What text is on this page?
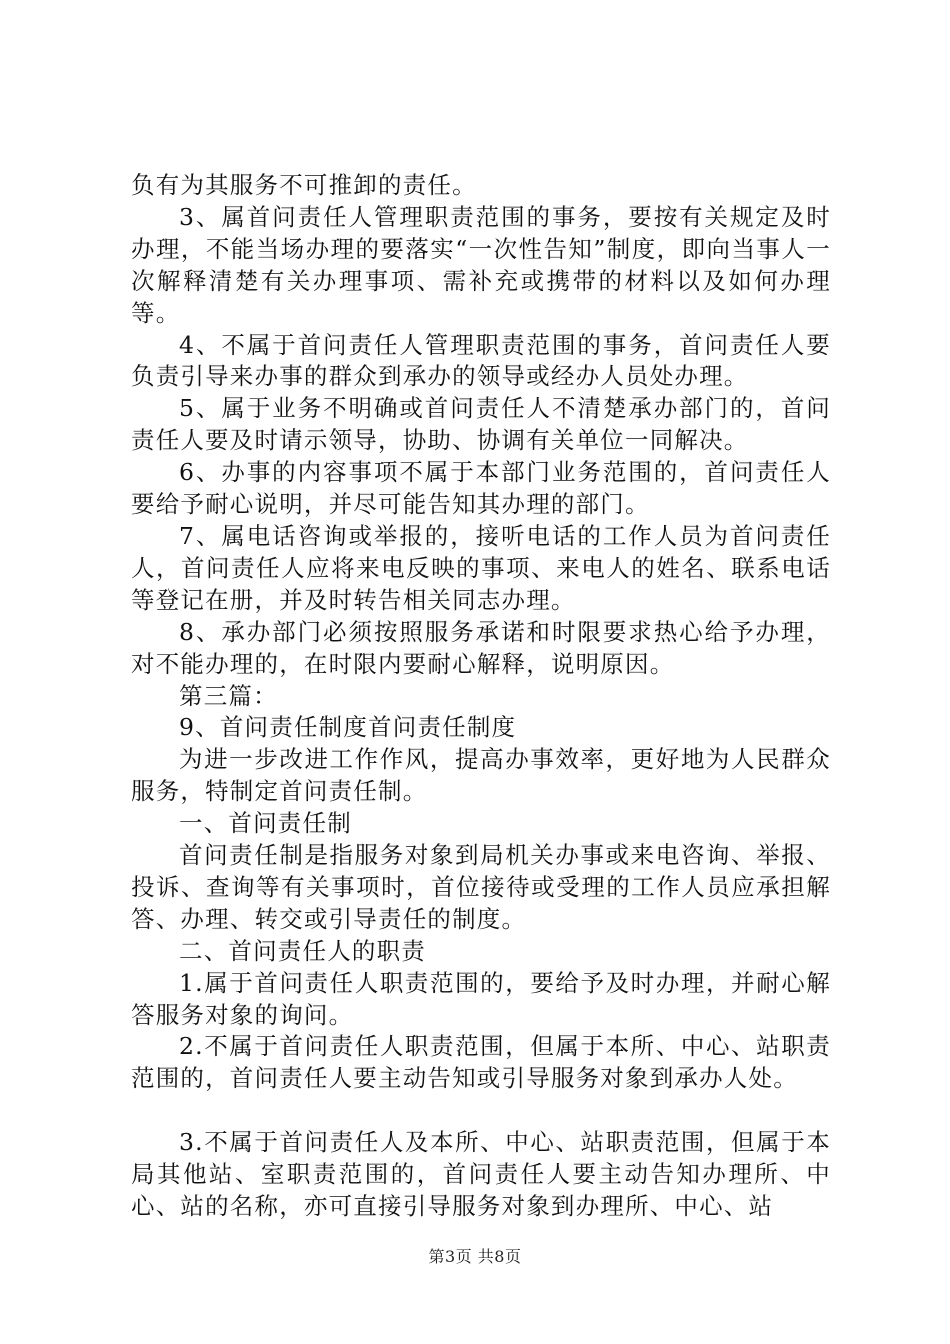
负有为其服务不可推卸的责任。

3、属首问责任人管理职责范围的事务，要按有关规定及时办理，不能当场办理的要落实“一次性告知”制度，即向当事人一次解释清楚有关办理事项、需补充或携带的材料以及如何办理等。

4、不属于首问责任人管理职责范围的事务，首问责任人要负责引导来办事的群众到承办的领导或经办人员处办理。

5、属于业务不明确或首问责任人不清楚承办部门的，首问责任人要及时请示领导，协助、协调有关单位一同解决。

6、办事的内容事项不属于本部门业务范围的，首问责任人要给予耐心说明，并尽可能告知其办理的部门。

7、属电话咨询或举报的，接听电话的工作人员为首问责任人，首问责任人应将来电反映的事项、来电人的姓名、联系电话等登记在册，并及时转告相关同志办理。

8、承办部门必须按照服务承诺和时限要求热心给予办理，对不能办理的，在时限内要耐心解释，说明原因。

第三篇：

9、首问责任制度首问责任制度

为进一步改进工作作风，提高办事效率，更好地为人民群众服务，特制定首问责任制。

一、首问责任制

首问责任制是指服务对象到局机关办事或来电咨询、举报、投诉、查询等有关事项时，首位接待或受理的工作人员应承担解答、办理、转交或引导责任的制度。

二、首问责任人的职责

1.属于首问责任人职责范围的，要给予及时办理，并耐心解答服务对象的询问。

2.不属于首问责任人职责范围，但属于本所、中心、站职责范围的，首问责任人要主动告知或引导服务对象到承办人处。

3.不属于首问责任人及本所、中心、站职责范围，但属于本局其他站、室职责范围的，首问责任人要主动告知办理所、中心、站的名称，亦可直接引导服务对象到办理所、中心、站

第3页 共8页
